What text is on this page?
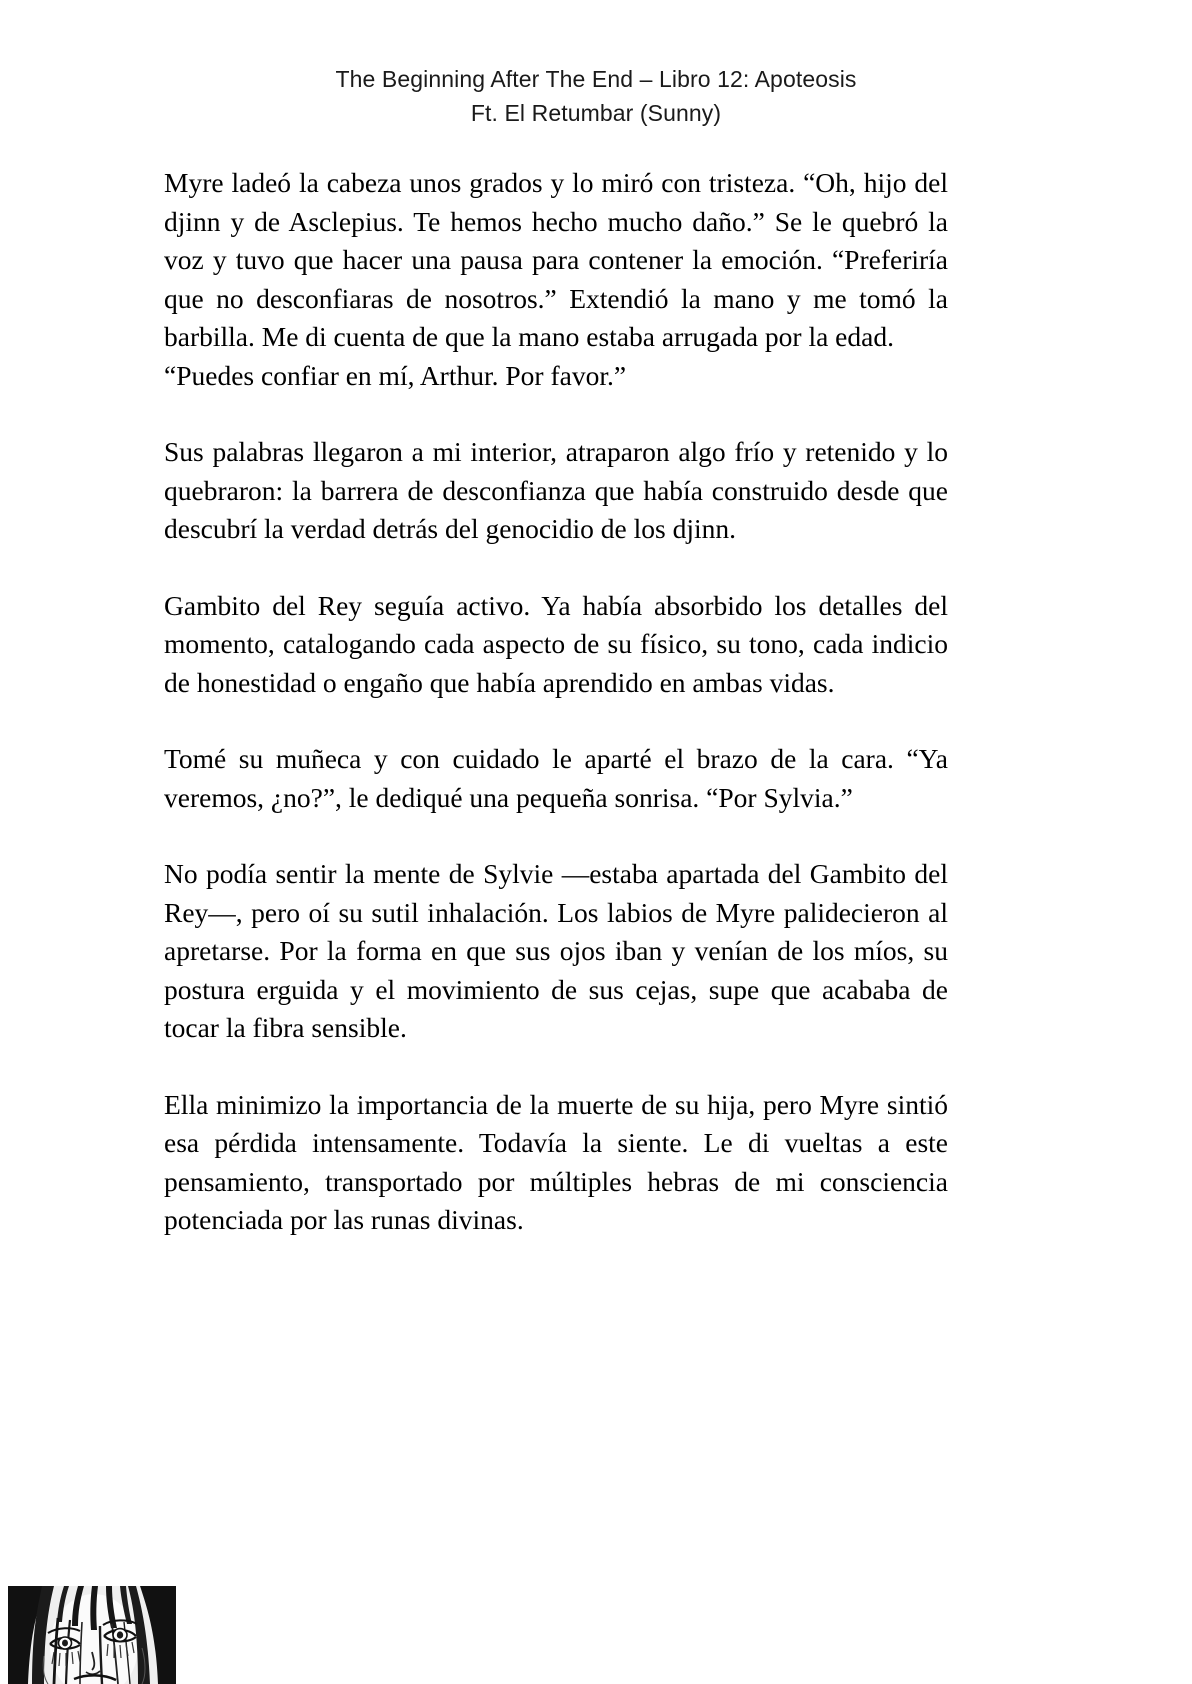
The Beginning After The End – Libro 12: Apoteosis
Ft. El Retumbar (Sunny)

Myre ladeó la cabeza unos grados y lo miró con tristeza. “Oh, hijo del djinn y de Asclepius. Te hemos hecho mucho daño.” Se le quebró la voz y tuvo que hacer una pausa para contener la emoción. “Preferiría que no desconfiaras de nosotros.” Extendió la mano y me tomó la barbilla. Me di cuenta de que la mano estaba arrugada por la edad.

“Puedes confiar en mí, Arthur. Por favor.”

Sus palabras llegaron a mi interior, atraparon algo frío y retenido y lo quebraron: la barrera de desconfianza que había construido desde que descubrí la verdad detrás del genocidio de los djinn.

Gambito del Rey seguía activo. Ya había absorbido los detalles del momento, catalogando cada aspecto de su físico, su tono, cada indicio de honestidad o engaño que había aprendido en ambas vidas.

Tomé su muñeca y con cuidado le aparté el brazo de la cara. “Ya veremos, ¿no?”, le dediqué una pequeña sonrisa. “Por Sylvia.”

No podía sentir la mente de Sylvie —estaba apartada del Gambito del Rey—, pero oí su sutil inhalación. Los labios de Myre palidecieron al apretarse. Por la forma en que sus ojos iban y venían de los míos, su postura erguida y el movimiento de sus cejas, supe que acababa de tocar la fibra sensible.

Ella minimizo la importancia de la muerte de su hija, pero Myre sintió esa pérdida intensamente. Todavía la siente. Le di vueltas a este pensamiento, transportado por múltiples hebras de mi consciencia potenciada por las runas divinas.
